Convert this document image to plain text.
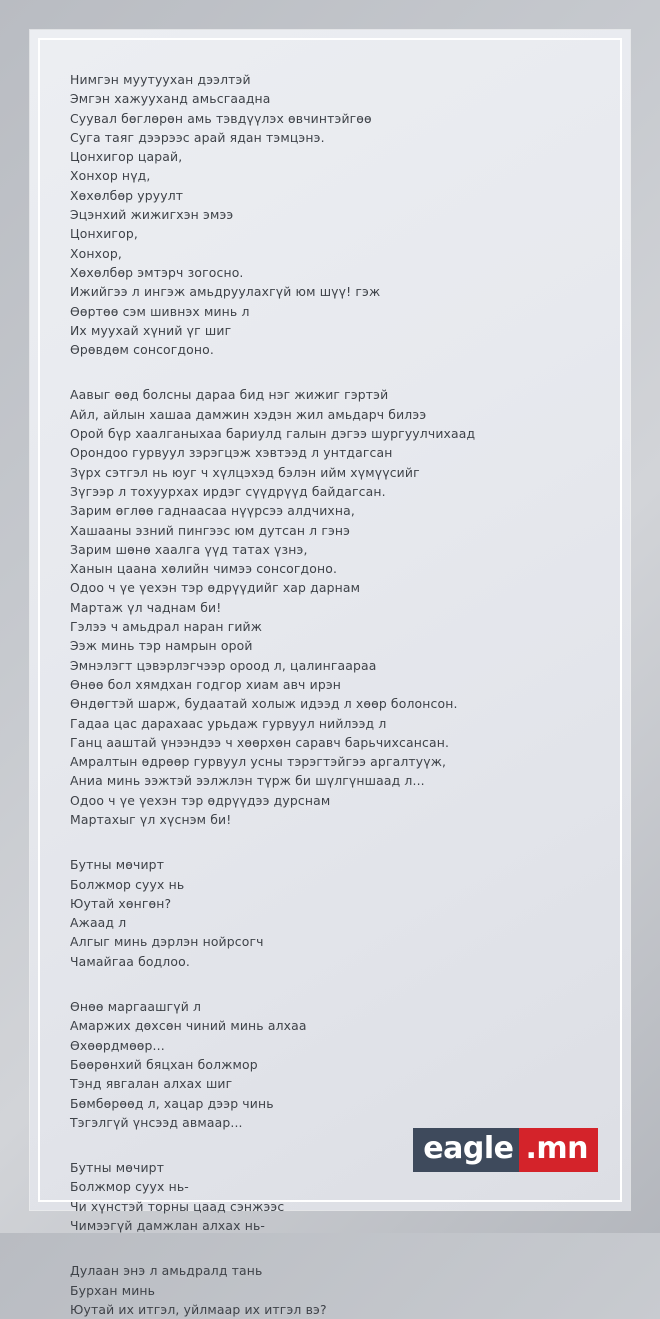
Нимгэн муутуухан дээлтэй
Эмгэн хажууханд амьсгаадна
Суувал бөглөрөн амь тэвдүүлэх өвчинтэйгөө
Суга таяг дээрээс арай ядан тэмцэнэ.
Цонхигор царай,
Хонхор нүд,
Хөхөлбөр уруулт
Эцэнхий жижигхэн эмээ
Цонхигор,
Хонхор,
Хөхөлбөр эмтэрч зогосно.
Ижийгээ л ингэж амьдруулахгүй юм шүү! гэж
Өөртөө сэм шивнэх минь л
Их муухай хүний үг шиг
Өрөвдөм сонсогдоно.
Аавыг өөд болсны дараа бид нэг жижиг гэртэй
Айл, айлын хашаа дамжин хэдэн жил амьдарч билээ
Орой бүр хаалганыхаа бариулд галын дэгээ шургуулчихаад
Орондоо гурвуул зэрэгцэж хэвтээд л унтдагсан
Зүрх сэтгэл нь юуг ч хүлцэхэд бэлэн ийм хүмүүсийг
Зүгээр л тохуурхах ирдэг сүүдрүүд байдагсан.
Зарим өглөө гаднаасаа нүүрсээ алдчихна,
Хашааны эзний пингээс юм дутсан л гэнэ
Зарим шөнө хаалга үүд татах үзнэ,
Ханын цаана хөлийн чимээ сонсогдоно.
Одоо ч үе үехэн тэр өдрүүдийг хар дарнам
Мартаж үл чаднам би!
Гэлээ ч амьдрал наран гийж
Ээж минь тэр намрын орой
Эмнэлэгт цэвэрлэгчээр ороод л, цалингаараа
Өнөө бол хямдхан годгор хиам авч ирэн
Өндөгтэй шарж, будаатай холыж идээд л хөөр болонсон.
Гадаа цас дарахаас урьдаж гурвуул нийлээд л
Ганц ааштай үнээндээ ч хөөрхөн саравч барьчихсансан.
Амралтын өдрөөр гурвуул усны тэрэгтэйгээ аргалтуүж,
Аниа минь ээжтэй ээлжлэн түрж би шүлгүншаад л...
Одоо ч үе үехэн тэр өдрүүдээ дурснам
Мартахыг үл хүснэм би!
Бутны мөчирт
Болжмор суух нь
Юутай хөнгөн?
Ажаад л
Алгыг минь дэрлэн нойрсогч
Чамайгаа бодлоо.
Өнөө маргаашгүй л
Амаржих дөхсөн чиний минь алхаа
Өхөөрдмөөр...
Бөөрөнхий бяцхан болжмор
Тэнд явгалан алхах шиг
Бөмбөрөөд л, хацар дээр чинь
Тэгэлгүй үнсээд авмаар...
Бутны мөчирт
Болжмор суух нь-
Чи хүнстэй торны цаад сэнжээс
Чимээгүй дамжлан алхах нь-
Дулаан энэ л амьдралд тань
Бурхан минь
Юутай их итгэл, уйлмаар их итгэл вэ?
eagle .mn
